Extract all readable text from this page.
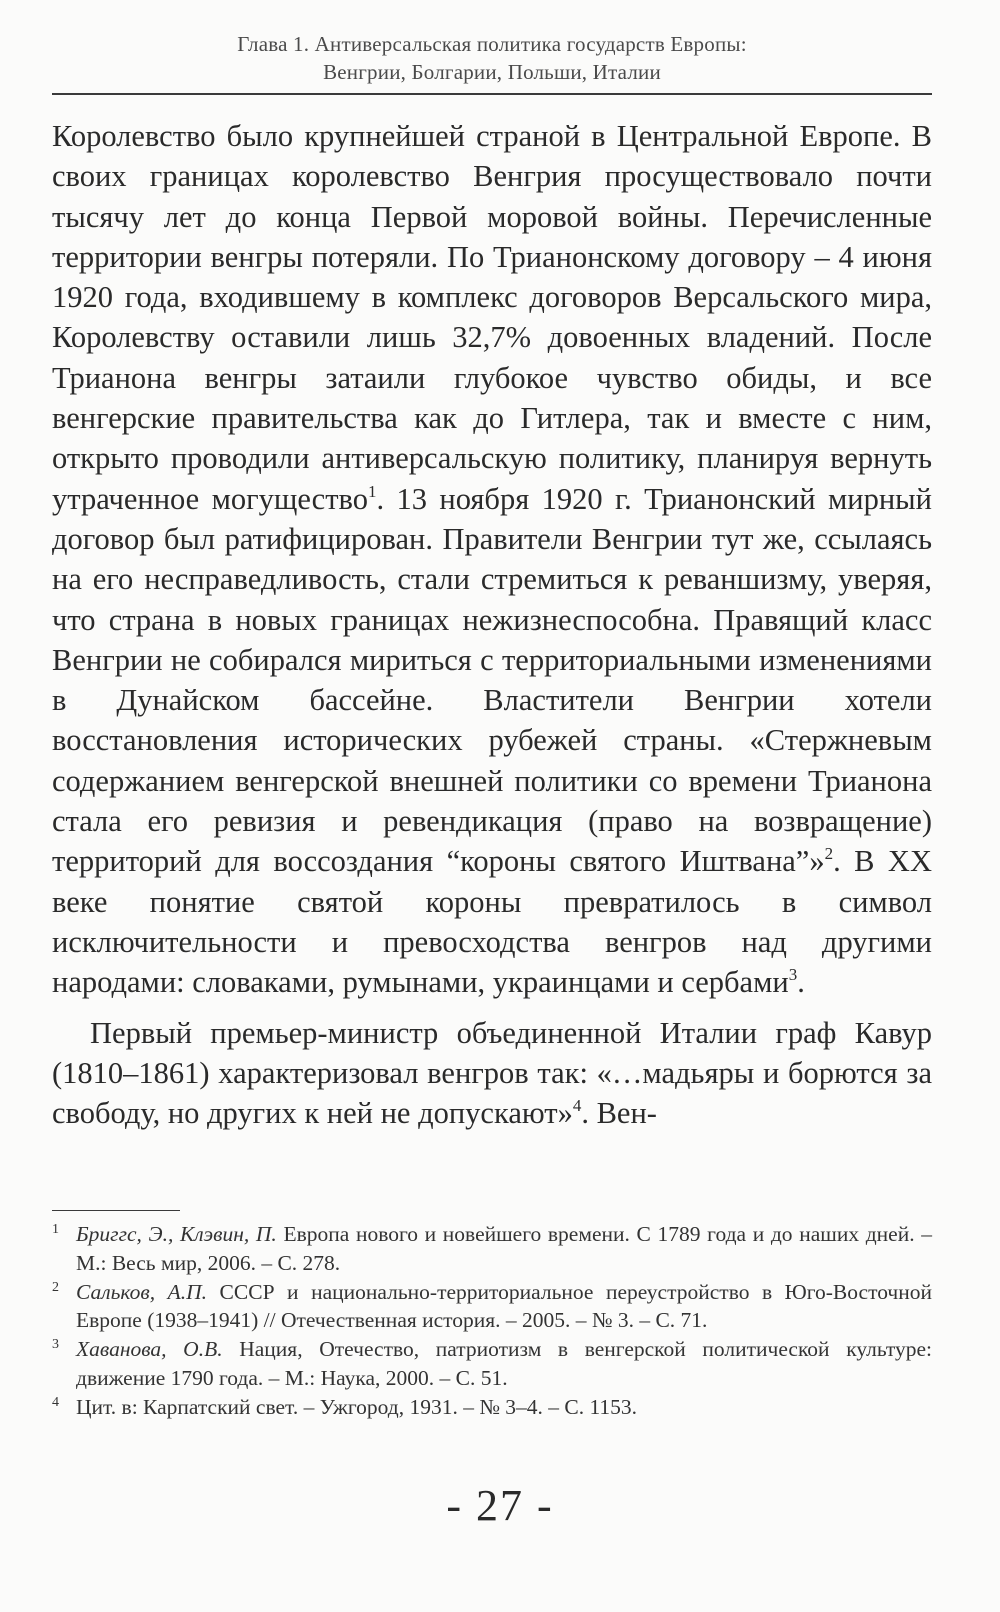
Глава 1. Антиверсальская политика государств Европы:
Венгрии, Болгарии, Польши, Италии

Королевство было крупнейшей страной в Центральной Европе. В своих границах королевство Венгрия просуществовало почти тысячу лет до конца Первой моровой войны. Перечисленные территории венгры потеряли. По Трианонскому договору – 4 июня 1920 года, входившему в комплекс договоров Версальского мира, Королевству оставили лишь 32,7% довоенных владений. После Трианона венгры затаили глубокое чувство обиды, и все венгерские правительства как до Гитлера, так и вместе с ним, открыто проводили антиверсальскую политику, планируя вернуть утраченное могущество$^1$. 13 ноября 1920 г. Трианонский мирный договор был ратифицирован. Правители Венгрии тут же, ссылаясь на его несправедливость, стали стремиться к реваншизму, уверяя, что страна в новых границах нежизнеспособна. Правящий класс Венгрии не собирался мириться с территориальными изменениями в Дунайском бассейне. Властители Венгрии хотели восстановления исторических рубежей страны. «Стержневым содержанием венгерской внешней политики со времени Трианона стала его ревизия и ревендикация (право на возвращение) территорий для воссоздания “короны святого Иштвана”»$^2$. В XX веке понятие святой короны превратилось в символ исключительности и превосходства венгров над другими народами: словаками, румынами, украинцами и сербами$^3$.

Первый премьер-министр объединенной Италии граф Кавур (1810–1861) характеризовал венгров так: «…мадьяры и борются за свободу, но других к ней не допускают»$^4$. Вен-

1 Бриггс, Э., Клэвин, П. Европа нового и новейшего времени. С 1789 года и до наших дней. – М.: Весь мир, 2006. – С. 278.
2 Сальков, А.П. СССР и национально-территориальное переустройство в Юго-Восточной Европе (1938–1941) // Отечественная история. – 2005. – № 3. – С. 71.
3 Хаванова, О.В. Нация, Отечество, патриотизм в венгерской политической культуре: движение 1790 года. – М.: Наука, 2000. – С. 51.
4 Цит. в: Карпатский свет. – Ужгород, 1931. – № 3–4. – С. 1153.
- 27 -
